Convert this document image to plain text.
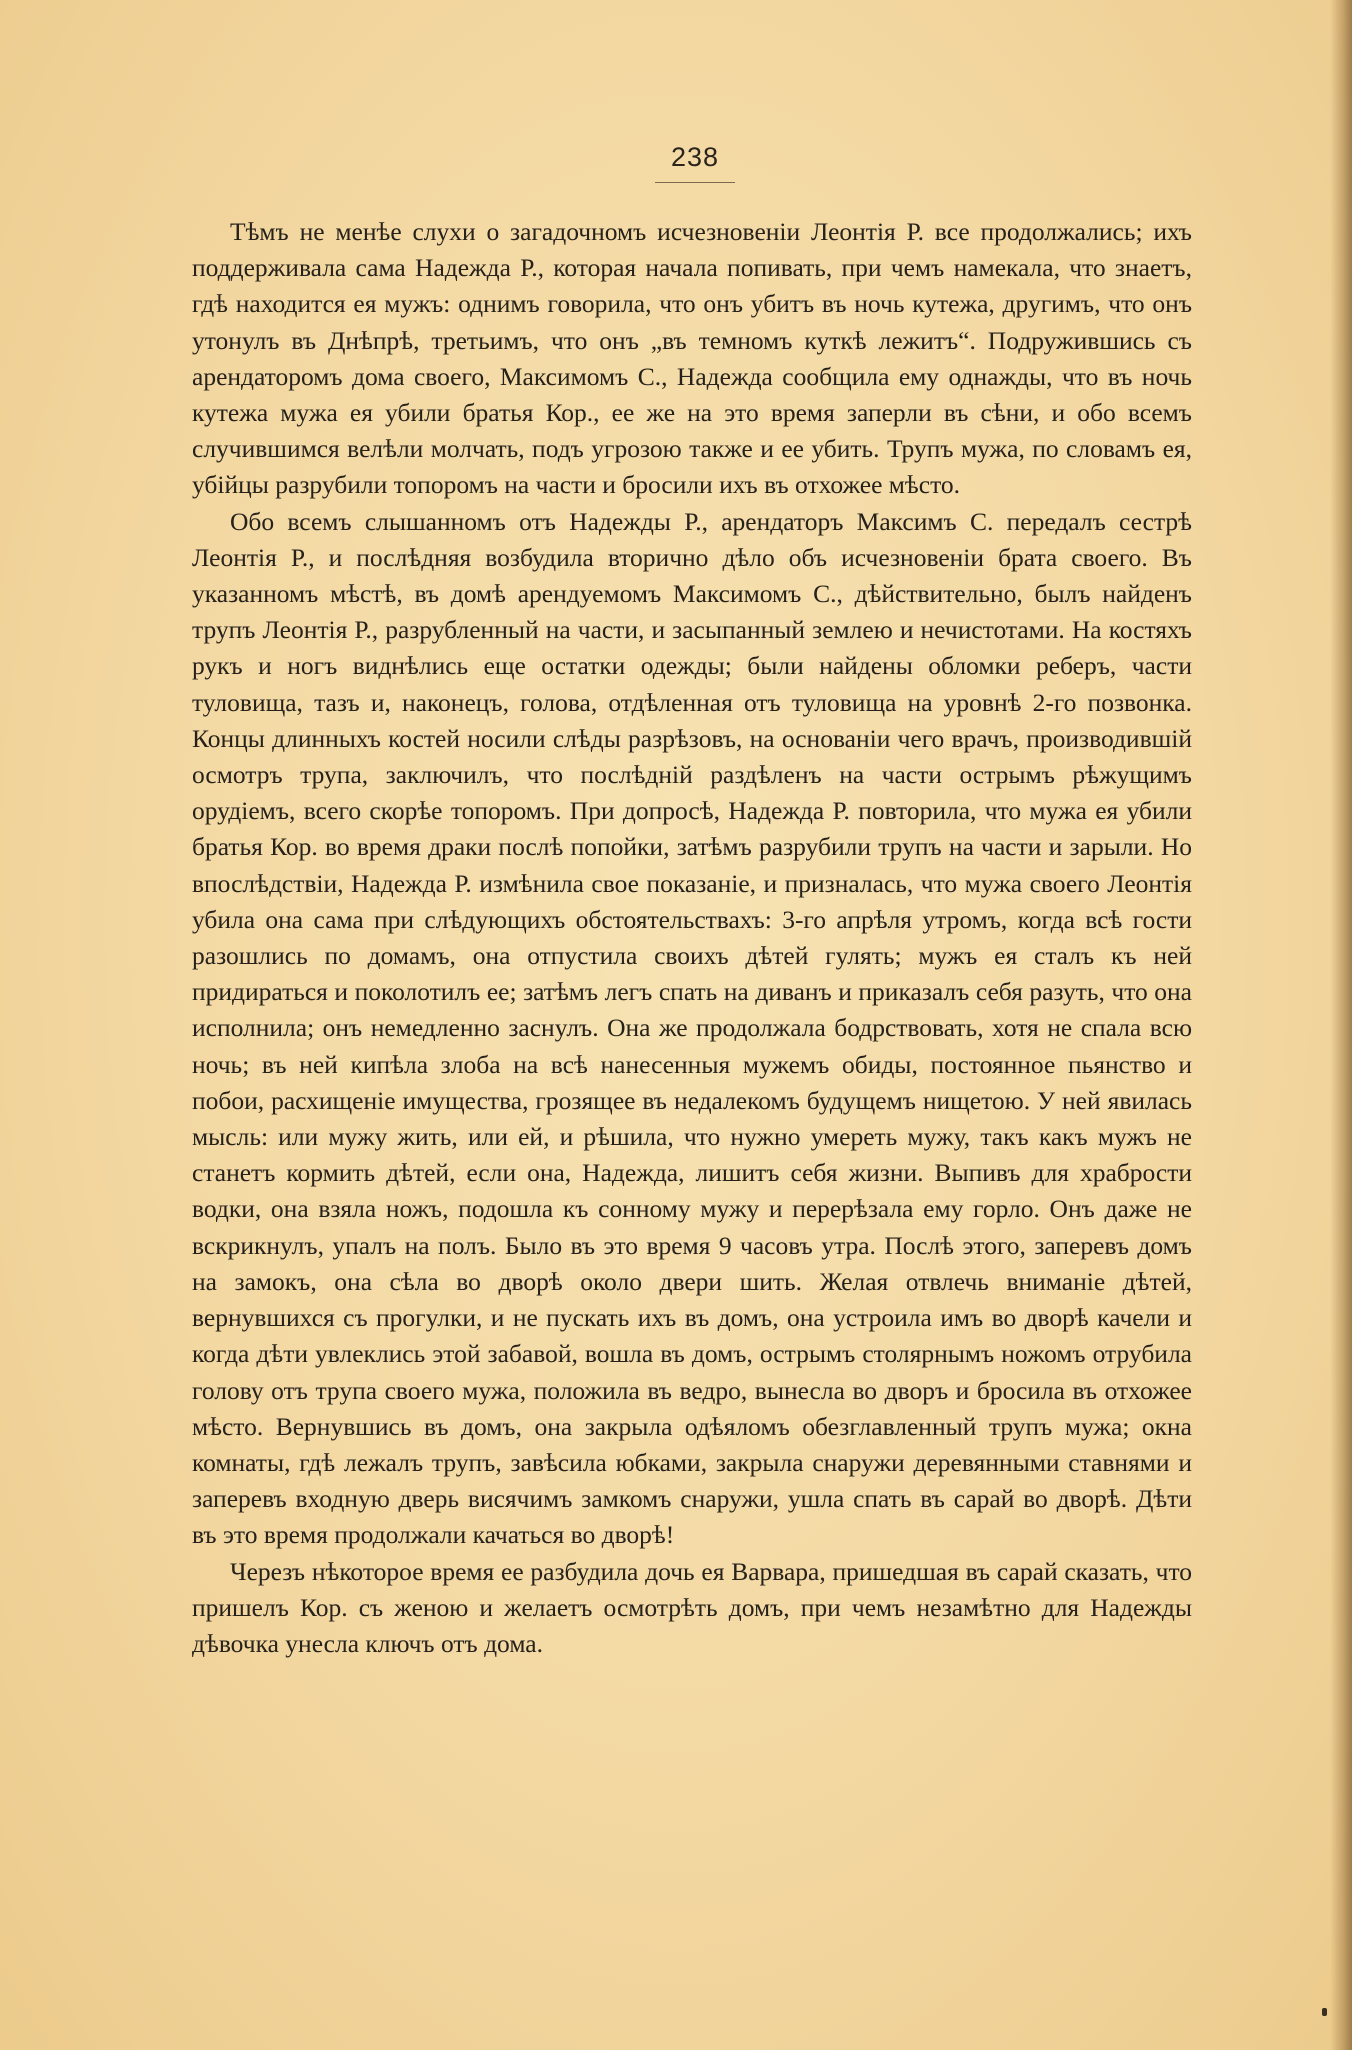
238

Тѣмъ не менѣе слухи о загадочномъ исчезновенiи Леонтiя Р. все продолжались; ихъ поддерживала сама Надежда Р., которая начала попивать, при чемъ намекала, что знаетъ, гдѣ находится ея мужъ: однимъ говорила, что онъ убитъ въ ночь кутежа, другимъ, что онъ утонулъ въ Днѣпрѣ, третьимъ, что онъ „въ темномъ куткѣ лежитъ“. Подружившись съ арендаторомъ дома своего, Максимомъ С., Надежда сообщила ему однажды, что въ ночь кутежа мужа ея убили братья Кор., ее же на это время заперли въ сѣни, и обо всемъ случившимся велѣли молчать, подъ угрозою также и ее убить. Трупъ мужа, по словамъ ея, убiйцы разрубили топоромъ на части и бросили ихъ въ отхожее мѣсто.

Обо всемъ слышанномъ отъ Надежды Р., арендаторъ Максимъ С. передалъ сестрѣ Леонтiя Р., и послѣдняя возбудила вторично дѣло объ исчезновенiи брата своего. Въ указанномъ мѣстѣ, въ домѣ арендуемомъ Максимомъ С., дѣйствительно, былъ найденъ трупъ Леонтiя Р., разрубленный на части, и засыпанный землею и нечистотами. На костяхъ рукъ и ногъ виднѣлись еще остатки одежды; были найдены обломки реберъ, части туловища, тазъ и, наконецъ, голова, отдѣленная отъ туловища на уровнѣ 2-го позвонка. Концы длинныхъ костей носили слѣды разрѣзовъ, на основанiи чего врачъ, производившiй осмотръ трупа, заключилъ, что послѣднiй раздѣленъ на части острымъ рѣжущимъ орудiемъ, всего скорѣе топоромъ. При допросѣ, Надежда Р. повторила, что мужа ея убили братья Кор. во время драки послѣ попойки, затѣмъ разрубили трупъ на части и зарыли. Но впослѣдствiи, Надежда Р. измѣнила свое показанiе, и призналась, что мужа своего Леонтiя убила она сама при слѣдующихъ обстоятельствахъ: 3-го апрѣля утромъ, когда всѣ гости разошлись по домамъ, она отпустила своихъ дѣтей гулять; мужъ ея сталъ къ ней придираться и поколотилъ ее; затѣмъ легъ спать на диванъ и приказалъ себя разуть, что она исполнила; онъ немедленно заснулъ. Она же продолжала бодрствовать, хотя не спала всю ночь; въ ней кипѣла злоба на всѣ нанесенныя мужемъ обиды, постоянное пьянство и побои, расхищенiе имущества, грозящее въ недалекомъ будущемъ нищетою. У ней явилась мысль: или мужу жить, или ей, и рѣшила, что нужно умереть мужу, такъ какъ мужъ не станетъ кормить дѣтей, если она, Надежда, лишитъ себя жизни. Выпивъ для храбрости водки, она взяла ножъ, подошла къ сонному мужу и перерѣзала ему горло. Онъ даже не вскрикнулъ, упалъ на полъ. Было въ это время 9 часовъ утра. Послѣ этого, заперевъ домъ на замокъ, она сѣла во дворѣ около двери шить. Желая отвлечь вниманiе дѣтей, вернувшихся съ прогулки, и не пускать ихъ въ домъ, она устроила имъ во дворѣ качели и когда дѣти увлеклись этой забавой, вошла въ домъ, острымъ столярнымъ ножомъ отрубила голову отъ трупа своего мужа, положила въ ведро, вынесла во дворъ и бросила въ отхожее мѣсто. Вернувшись въ домъ, она закрыла одѣяломъ обезглавленный трупъ мужа; окна комнаты, гдѣ лежалъ трупъ, завѣсила юбками, закрыла снаружи деревянными ставнями и заперевъ входную дверь висячимъ замкомъ снаружи, ушла спать въ сарай во дворѣ. Дѣти въ это время продолжали качаться во дворѣ!

Черезъ нѣкоторое время ее разбудила дочь ея Варвара, пришедшая въ сарай сказать, что пришелъ Кор. съ женою и желаетъ осмотрѣть домъ, при чемъ незамѣтно для Надежды дѣвочка унесла ключъ отъ дома.
